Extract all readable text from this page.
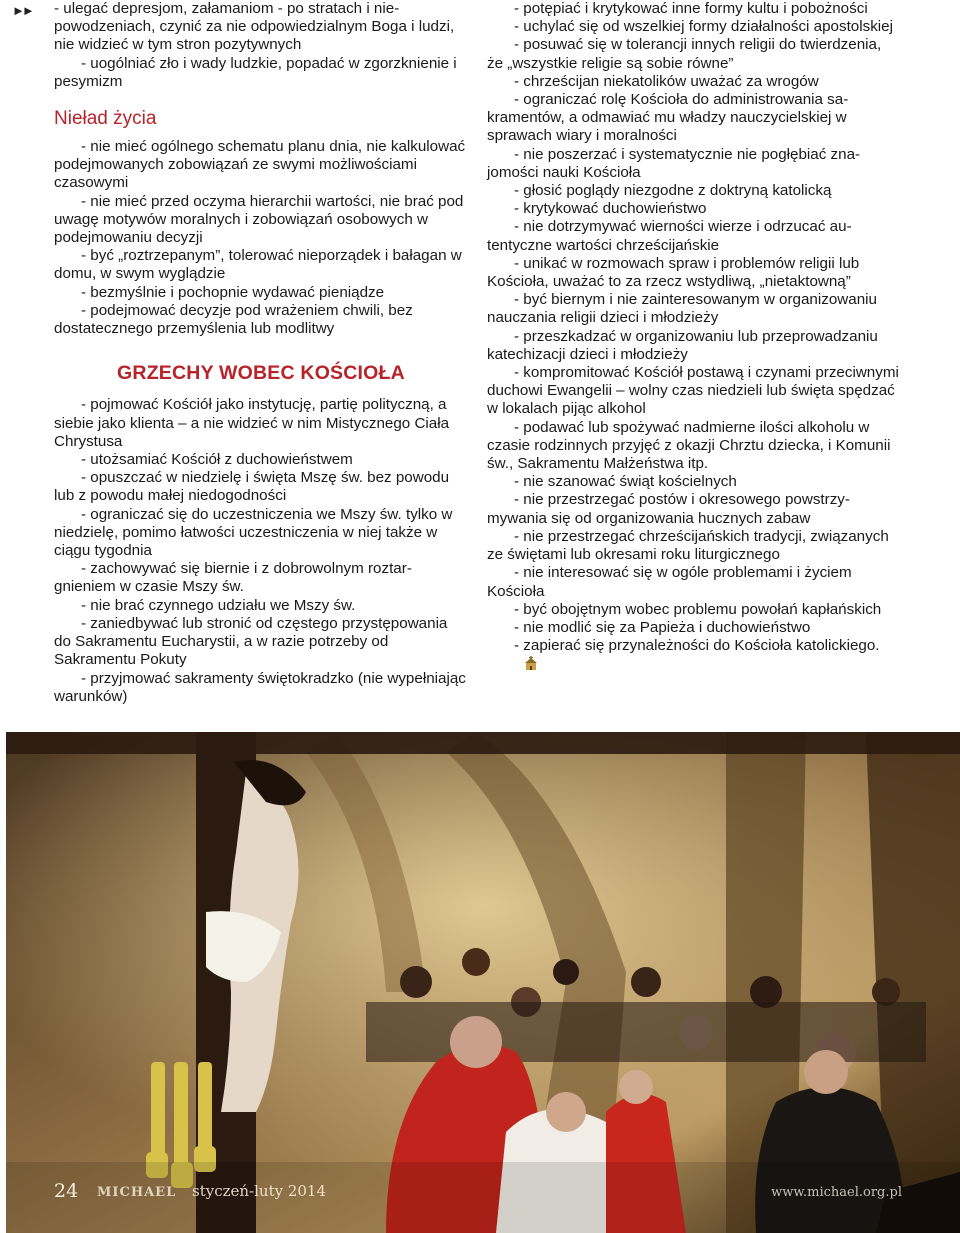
►► - ulegać depresjom, załamaniom - po stratach i niepowodzeniach, czynić za nie odpowiedzialnym Boga i ludzi, nie widzieć w tym stron pozytywnych

- uogólniać zło i wady ludzkie, popadać w zgorzknienie i pesymizm

Nieład życia

- nie mieć ogólnego schematu planu dnia, nie kalkulować podejmowanych zobowiązań ze swymi możliwościami czasowymi

- nie mieć przed oczyma hierarchii wartości, nie brać pod uwagę motywów moralnych i zobowiązań osobowych w podejmowaniu decyzji

- być „roztrzepanym”, tolerować nieporządek i bałagan w domu, w swym wyglądzie

- bezmyślnie i pochopnie wydawać pieniądze

- podejmować decyzje pod wrażeniem chwili, bez dostatecznego przemyślenia lub modlitwy

GRZECHY WOBEC KOŚCIOŁA

- pojmować Kościół jako instytucję, partię polityczną, a siebie jako klienta – a nie widzieć w nim Mistycznego Ciała Chrystusa

- utożsamiać Kościół z duchowieństwem

- opuszczać w niedzielę i święta Mszę św. bez powodu lub z powodu małej niedogodności

- ograniczać się do uczestniczenia we Mszy św. tylko w niedzielę, pomimo łatwości uczestniczenia w niej także w ciągu tygodnia

- zachowywać się biernie i z dobrowolnym roztargnieniem w czasie Mszy św.

- nie brać czynnego udziału we Mszy św.

- zaniedbywać lub stronić od częstego przystępowania do Sakramentu Eucharystii, a w razie potrzeby od Sakramentu Pokuty

- przyjmować sakramenty świętokradzko (nie wypełniając warunków)

- potępiać i krytykować inne formy kultu i pobożności

- uchylać się od wszelkiej formy działalności apostolskiej

- posuwać się w tolerancji innych religii do twierdzenia, że „wszystkie religie są sobie równe”

- chrześcijan niekatolików uważać za wrogów

- ograniczać rolę Kościoła do administrowania sakramentów, a odmawiać mu władzy nauczycielskiej w sprawach wiary i moralności

- nie poszerzać i systematycznie nie pogłębiać znajomości nauki Kościoła

- głosić poglądy niezgodne z doktryną katolicką

- krytykować duchowieństwo

- nie dotrzymywać wierności wierze i odrzucać autentyczne wartości chrześcijańskie

- unikać w rozmowach spraw i problemów religii lub Kościoła, uważać to za rzecz wstydliwą, „nietaktowną”

- być biernym i nie zainteresowanym w organizowaniu nauczania religii dzieci i młodzieży

- przeszkadzać w organizowaniu lub przeprowadzaniu katechizacji dzieci i młodzieży

- kompromitować Kościół postawą i czynami przeciwnymi duchowi Ewangelii – wolny czas niedzieli lub święta spędzać w lokalach pijąc alkohol

- podawać lub spożywać nadmierne ilości alkoholu w czasie rodzinnych przyjęć z okazji Chrztu dziecka, i Komunii św., Sakramentu Małżeństwa itp.

- nie szanować świąt kościelnych

- nie przestrzegać postów i okresowego powstrzymywania się od organizowania hucznych zabaw

- nie przestrzegać chrześcijańskich tradycji, związanych ze świętami lub okresami roku liturgicznego

- nie interesować się w ogóle problemami i życiem Kościoła

- być obojętnym wobec problemu powołań kapłańskich

- nie modlić się za Papieża i duchowieństwo

- zapierać się przynależności do Kościoła katolickiego.

24 MICHAEL styczeń-luty 2014	www.michael.org.pl
